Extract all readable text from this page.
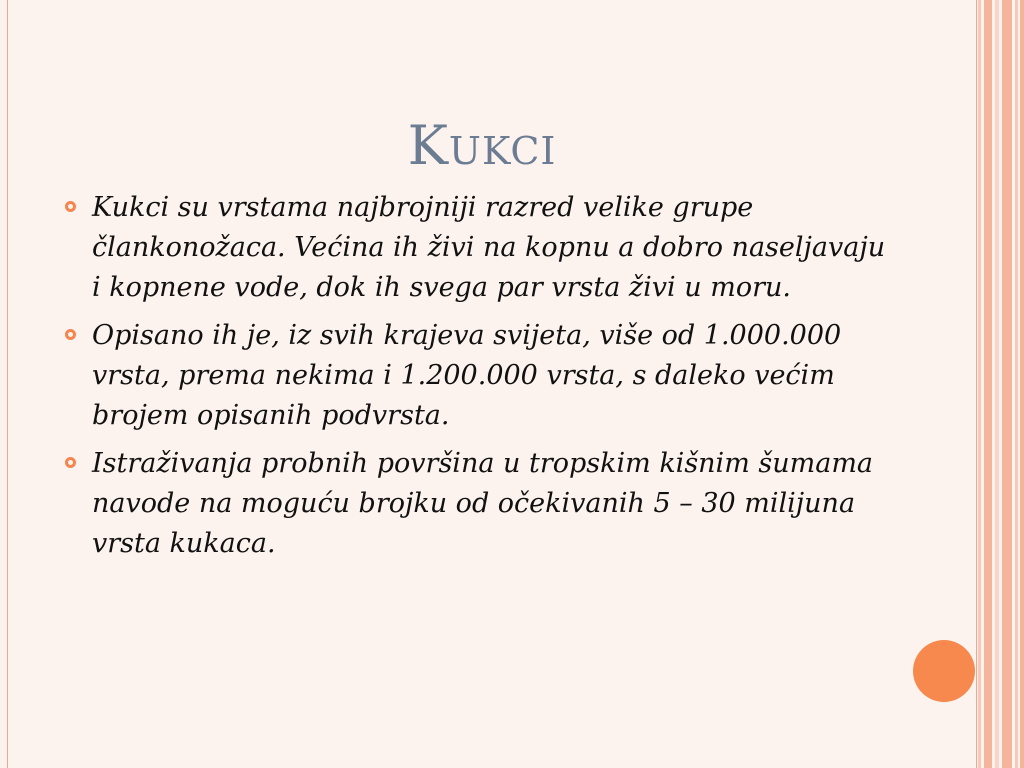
Kukci
Kukci su vrstama najbrojniji razred velike grupe člankonožaca. Većina ih živi na kopnu a dobro naseljavaju i kopnene vode, dok ih svega par vrsta živi u moru.
Opisano ih je, iz svih krajeva svijeta, više od 1.000.000 vrsta, prema nekima i 1.200.000 vrsta, s daleko većim brojem opisanih podvrsta.
Istraživanja probnih površina u tropskim kišnim šumama navode na moguću brojku od očekivanih 5 – 30 milijuna vrsta kukaca.
